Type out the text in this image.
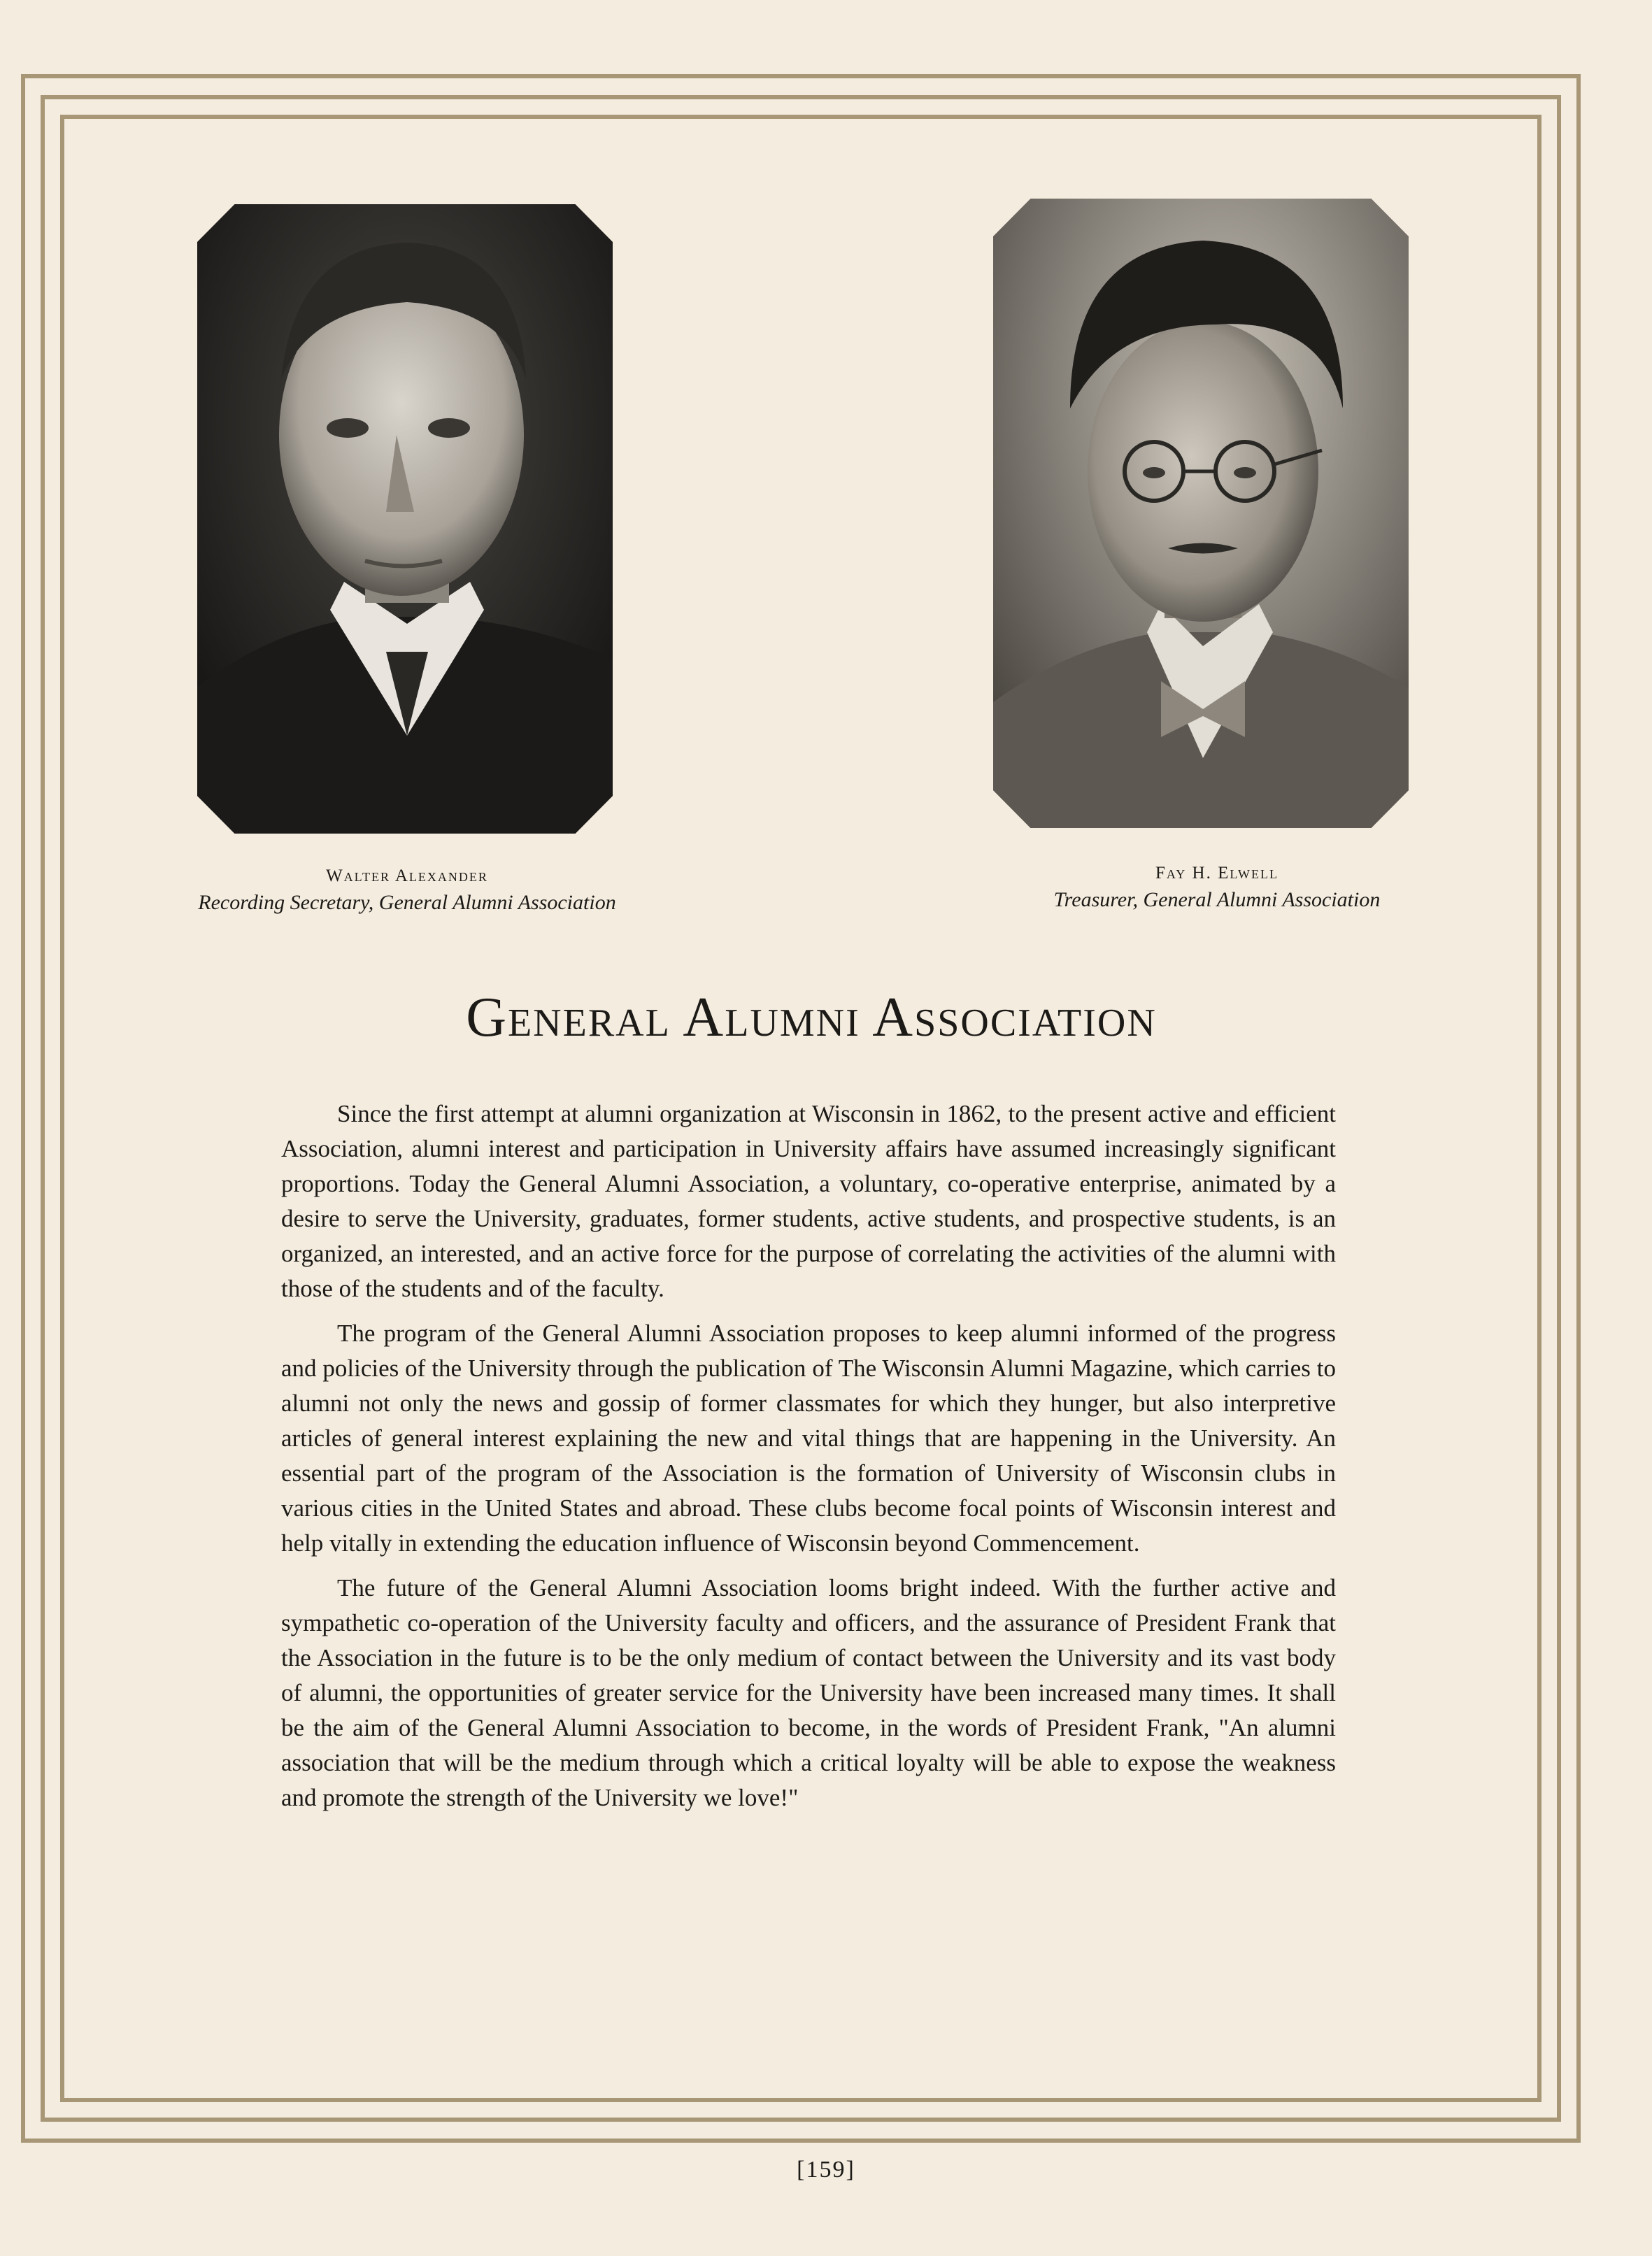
Walter Alexander
Recording Secretary, General Alumni Association
Fay H. Elwell
Treasurer, General Alumni Association
General Alumni Association

Since the first attempt at alumni organization at Wisconsin in 1862, to the present active and efficient Association, alumni interest and participation in University affairs have assumed increasingly significant proportions. Today the General Alumni Association, a voluntary, co-operative enterprise, animated by a desire to serve the University, graduates, former students, active students, and prospective students, is an organized, an interested, and an active force for the purpose of correlating the activities of the alumni with those of the students and of the faculty.

The program of the General Alumni Association proposes to keep alumni informed of the progress and policies of the University through the publication of The Wisconsin Alumni Magazine, which carries to alumni not only the news and gossip of former classmates for which they hunger, but also interpretive articles of general interest explaining the new and vital things that are happening in the University. An essential part of the program of the Association is the formation of University of Wisconsin clubs in various cities in the United States and abroad. These clubs become focal points of Wisconsin interest and help vitally in extending the education influence of Wisconsin beyond Commencement.

The future of the General Alumni Association looms bright indeed. With the further active and sympathetic co-operation of the University faculty and officers, and the assurance of President Frank that the Association in the future is to be the only medium of contact between the University and its vast body of alumni, the opportunities of greater service for the University have been increased many times. It shall be the aim of the General Alumni Association to become, in the words of President Frank, "An alumni association that will be the medium through which a critical loyalty will be able to expose the weakness and promote the strength of the University we love!"

[159]
